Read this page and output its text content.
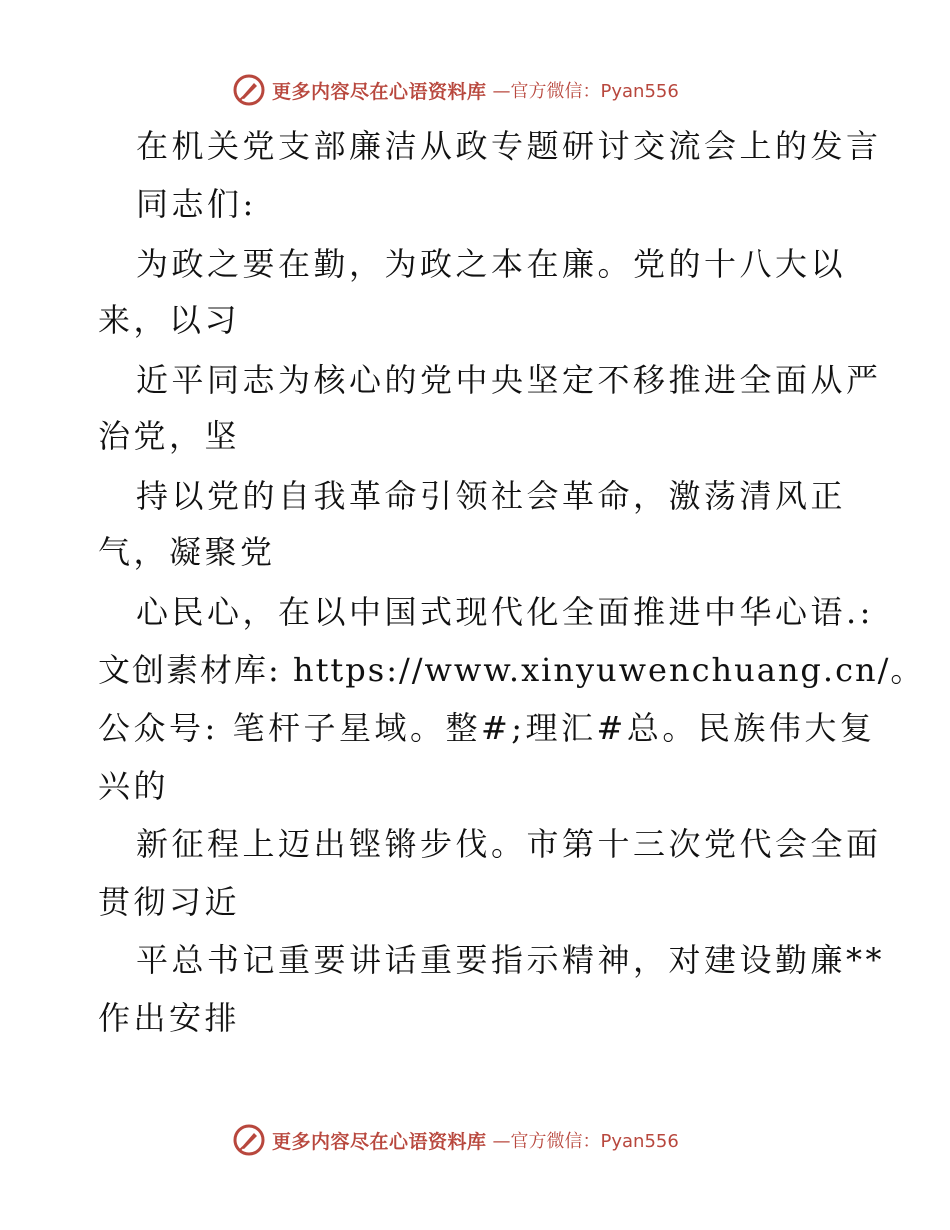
更多内容尽在心语资料库 —官方微信：Pyan556
在机关党支部廉洁从政专题研讨交流会上的发言
同志们:
为政之要在勤，为政之本在廉。党的十八大以
来，以习
近平同志为核心的党中央坚定不移推进全面从严
治党，坚
持以党的自我革命引领社会革命，激荡清风正
气，凝聚党
心民心，在以中国式现代化全面推进中华心语.:
文创素材库: https://www.xinyuwenchuang.cn/。
公众号: 笔杆子星域。整#;理汇#总。民族伟大复
兴的
新征程上迈出铿锵步伐。市第十三次党代会全面
贯彻习近
平总书记重要讲话重要指示精神，对建设勤廉**
作出安排
更多内容尽在心语资料库 —官方微信：Pyan556
